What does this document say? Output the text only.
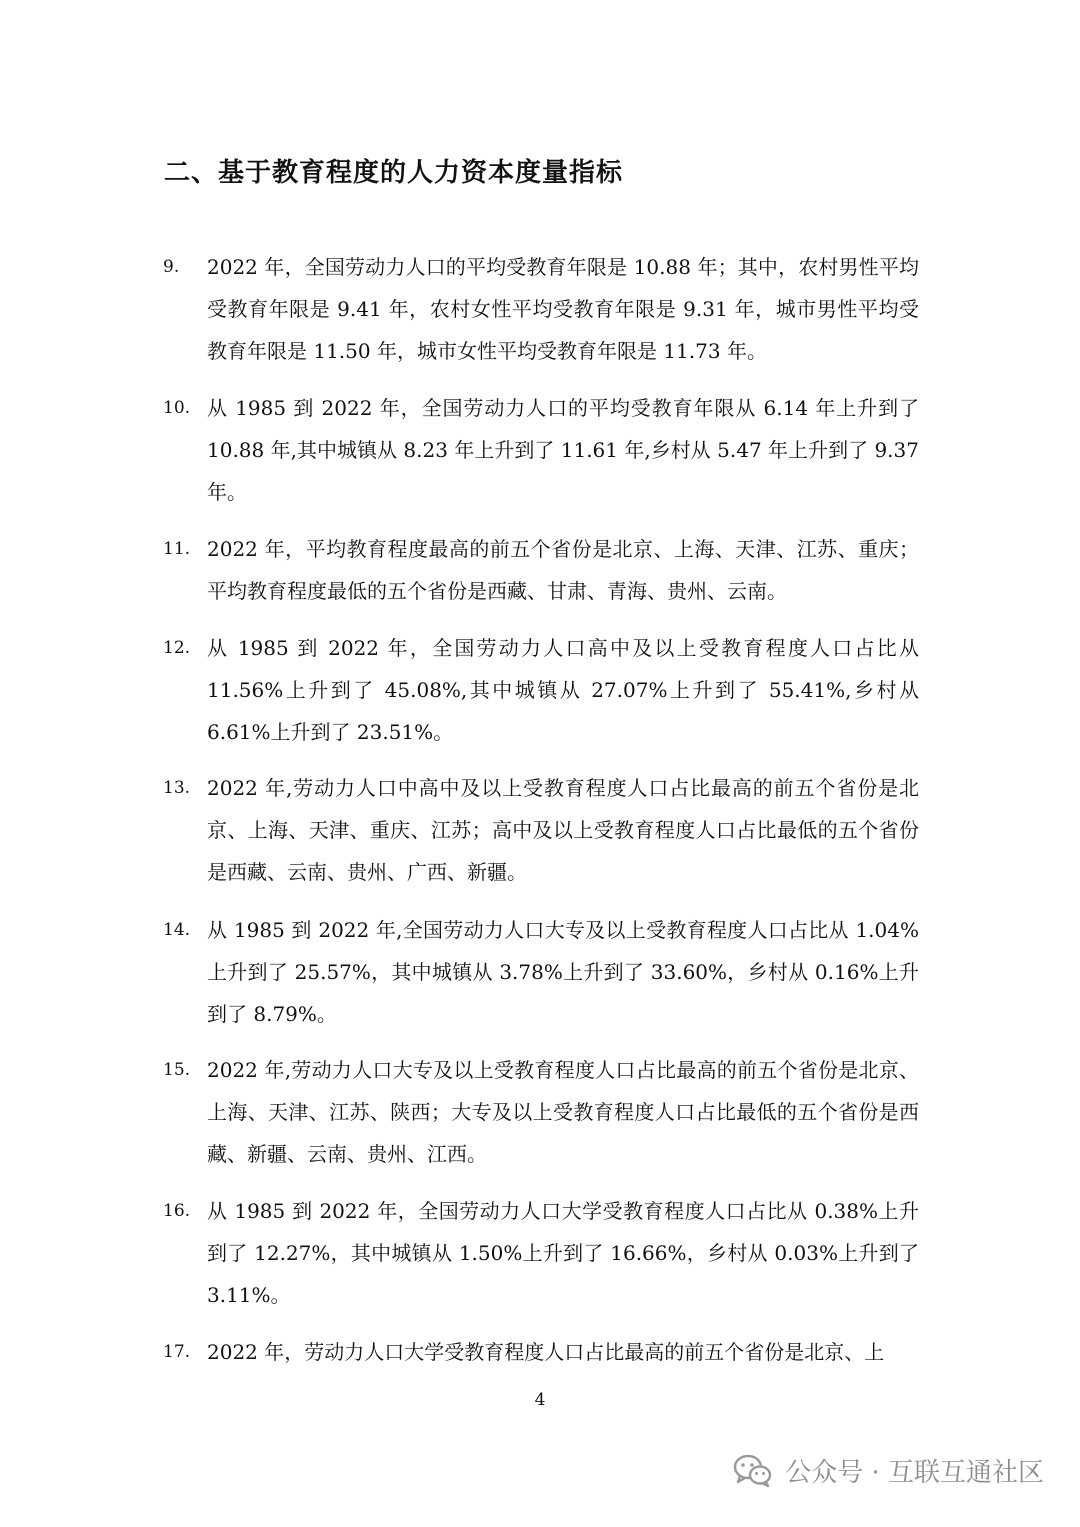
二、基于教育程度的人力资本度量指标
9.	2022 年，全国劳动力人口的平均受教育年限是 10.88 年；其中，农村男性平均受教育年限是 9.41 年，农村女性平均受教育年限是 9.31 年，城市男性平均受教育年限是 11.50 年，城市女性平均受教育年限是 11.73 年。
10. 从 1985 到 2022 年，全国劳动力人口的平均受教育年限从 6.14 年上升到了 10.88 年,其中城镇从 8.23 年上升到了 11.61 年,乡村从 5.47 年上升到了 9.37 年。
11. 2022 年，平均教育程度最高的前五个省份是北京、上海、天津、江苏、重庆；平均教育程度最低的五个省份是西藏、甘肃、青海、贵州、云南。
12. 从 1985 到 2022 年，全国劳动力人口高中及以上受教育程度人口占比从 11.56%上升到了 45.08%,其中城镇从 27.07%上升到了 55.41%,乡村从 6.61%上升到了 23.51%。
13. 2022 年,劳动力人口中高中及以上受教育程度人口占比最高的前五个省份是北京、上海、天津、重庆、江苏；高中及以上受教育程度人口占比最低的五个省份是西藏、云南、贵州、广西、新疆。
14. 从 1985 到 2022 年,全国劳动力人口大专及以上受教育程度人口占比从 1.04%上升到了 25.57%，其中城镇从 3.78%上升到了 33.60%，乡村从 0.16%上升到了 8.79%。
15. 2022 年,劳动力人口大专及以上受教育程度人口占比最高的前五个省份是北京、上海、天津、江苏、陕西；大专及以上受教育程度人口占比最低的五个省份是西藏、新疆、云南、贵州、江西。
16. 从 1985 到 2022 年，全国劳动力人口大学受教育程度人口占比从 0.38%上升到了 12.27%，其中城镇从 1.50%上升到了 16.66%，乡村从 0.03%上升到了 3.11%。
17. 2022 年，劳动力人口大学受教育程度人口占比最高的前五个省份是北京、上
4
公众号 · 互联互通社区
